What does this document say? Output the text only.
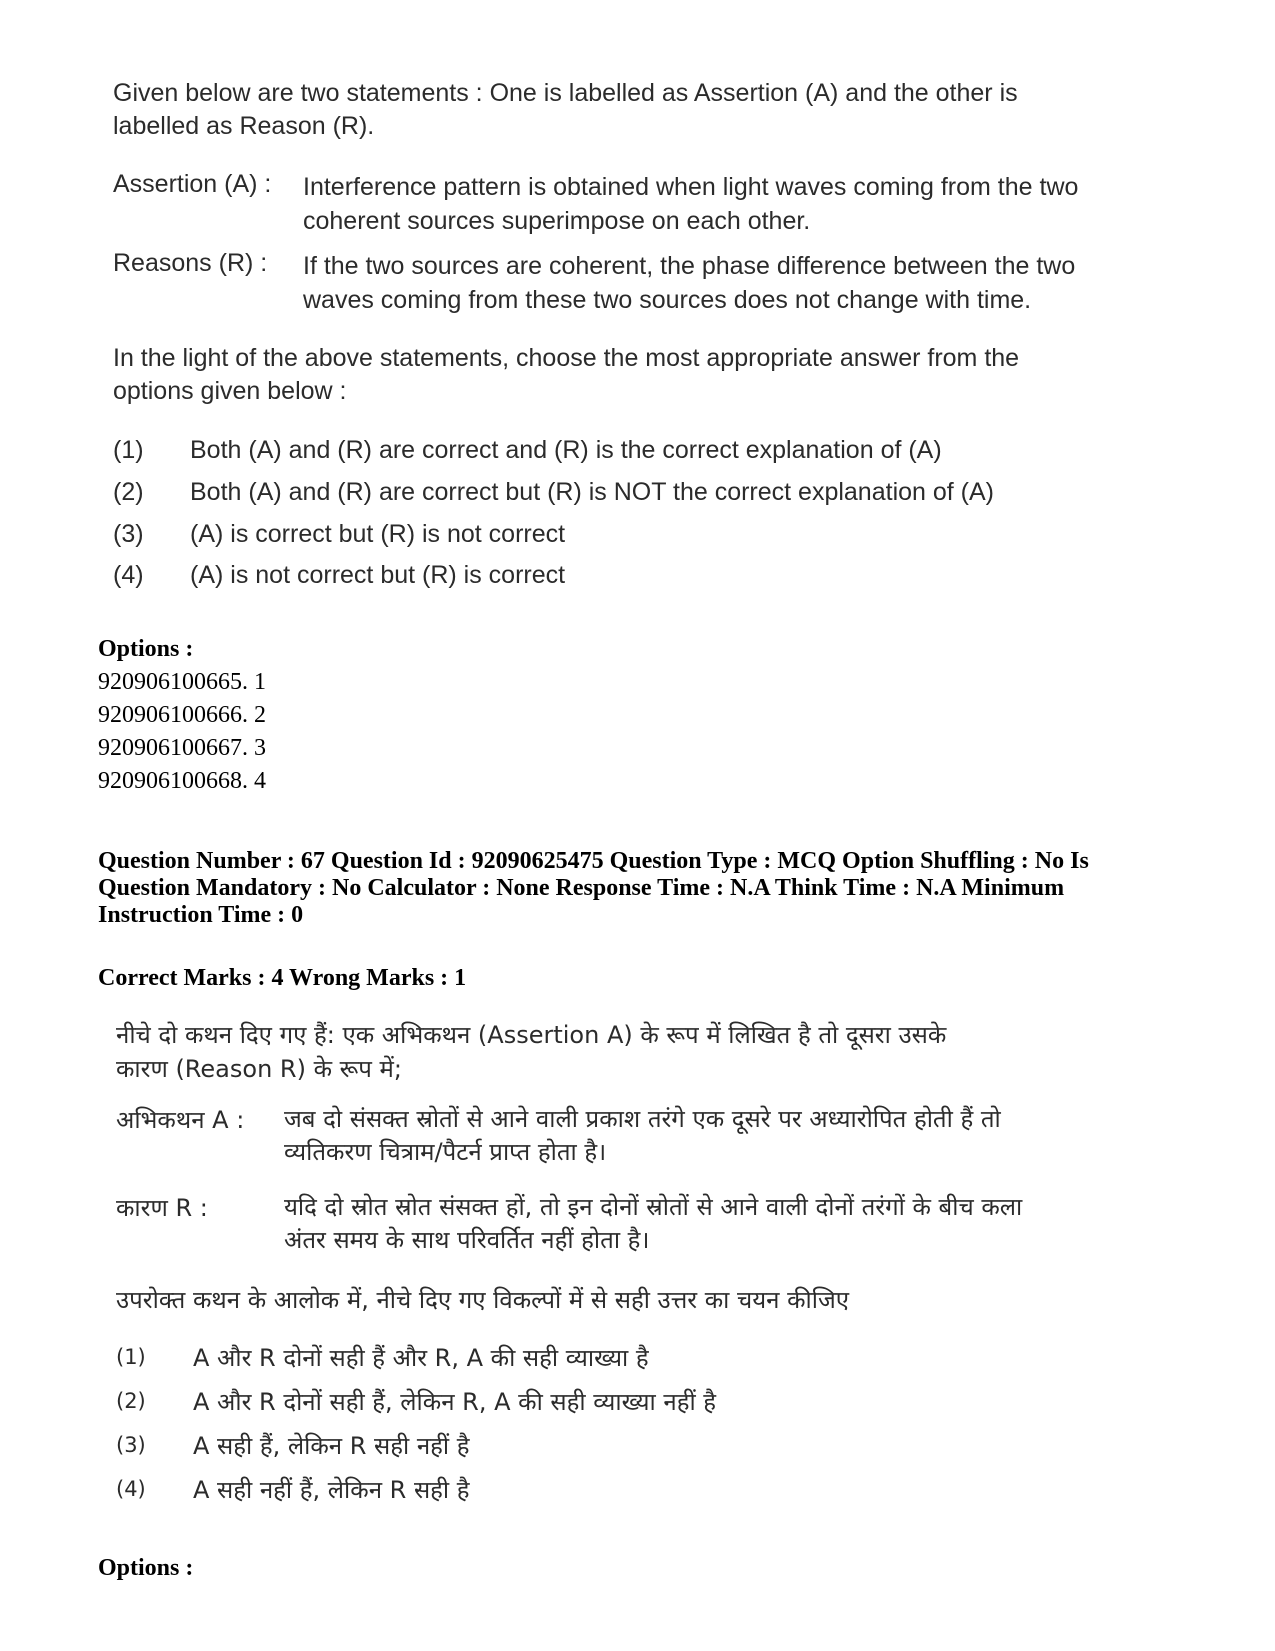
Given below are two statements : One is labelled as Assertion (A) and the other is
labelled as Reason (R).
Assertion (A) : Interference pattern is obtained when light waves coming from the two
coherent sources superimpose on each other.
Reasons (R) : If the two sources are coherent, the phase difference between the two
waves coming from these two sources does not change with time.
In the light of the above statements, choose the most appropriate answer from the
options given below :
(1) Both (A) and (R) are correct and (R) is the correct explanation of (A)
(2) Both (A) and (R) are correct but (R) is NOT the correct explanation of (A)
(3) (A) is correct but (R) is not correct
(4) (A) is not correct but (R) is correct
Options :
920906100665. 1
920906100666. 2
920906100667. 3
920906100668. 4
Question Number : 67 Question Id : 92090625475 Question Type : MCQ Option Shuffling : No Is
Question Mandatory : No Calculator : None Response Time : N.A Think Time : N.A Minimum
Instruction Time : 0
Correct Marks : 4 Wrong Marks : 1
नीचे दो कथन दिए गए हैं: एक अभिकथन (Assertion A) के रूप में लिखित है तो दूसरा उसके
कारण (Reason R) के रूप में;
अभिकथन A : जब दो संसक्त स्रोतों से आने वाली प्रकाश तरंगे एक दूसरे पर अध्यारोपित होती हैं तो
व्यतिकरण चित्राम/पैटर्न प्राप्त होता है।
कारण R :	यदि दो स्रोत स्रोत संसक्त हों, तो इन दोनों स्रोतों से आने वाली दोनों तरंगों के बीच कला
अंतर समय के साथ परिवर्तित नहीं होता है।
उपरोक्त कथन के आलोक में, नीचे दिए गए विकल्पों में से सही उत्तर का चयन कीजिए
(1) A और R दोनों सही हैं और R, A की सही व्याख्या है
(2) A और R दोनों सही हैं, लेकिन R, A की सही व्याख्या नहीं है
(3) A सही हैं, लेकिन R सही नहीं है
(4) A सही नहीं हैं, लेकिन R सही है
Options :
